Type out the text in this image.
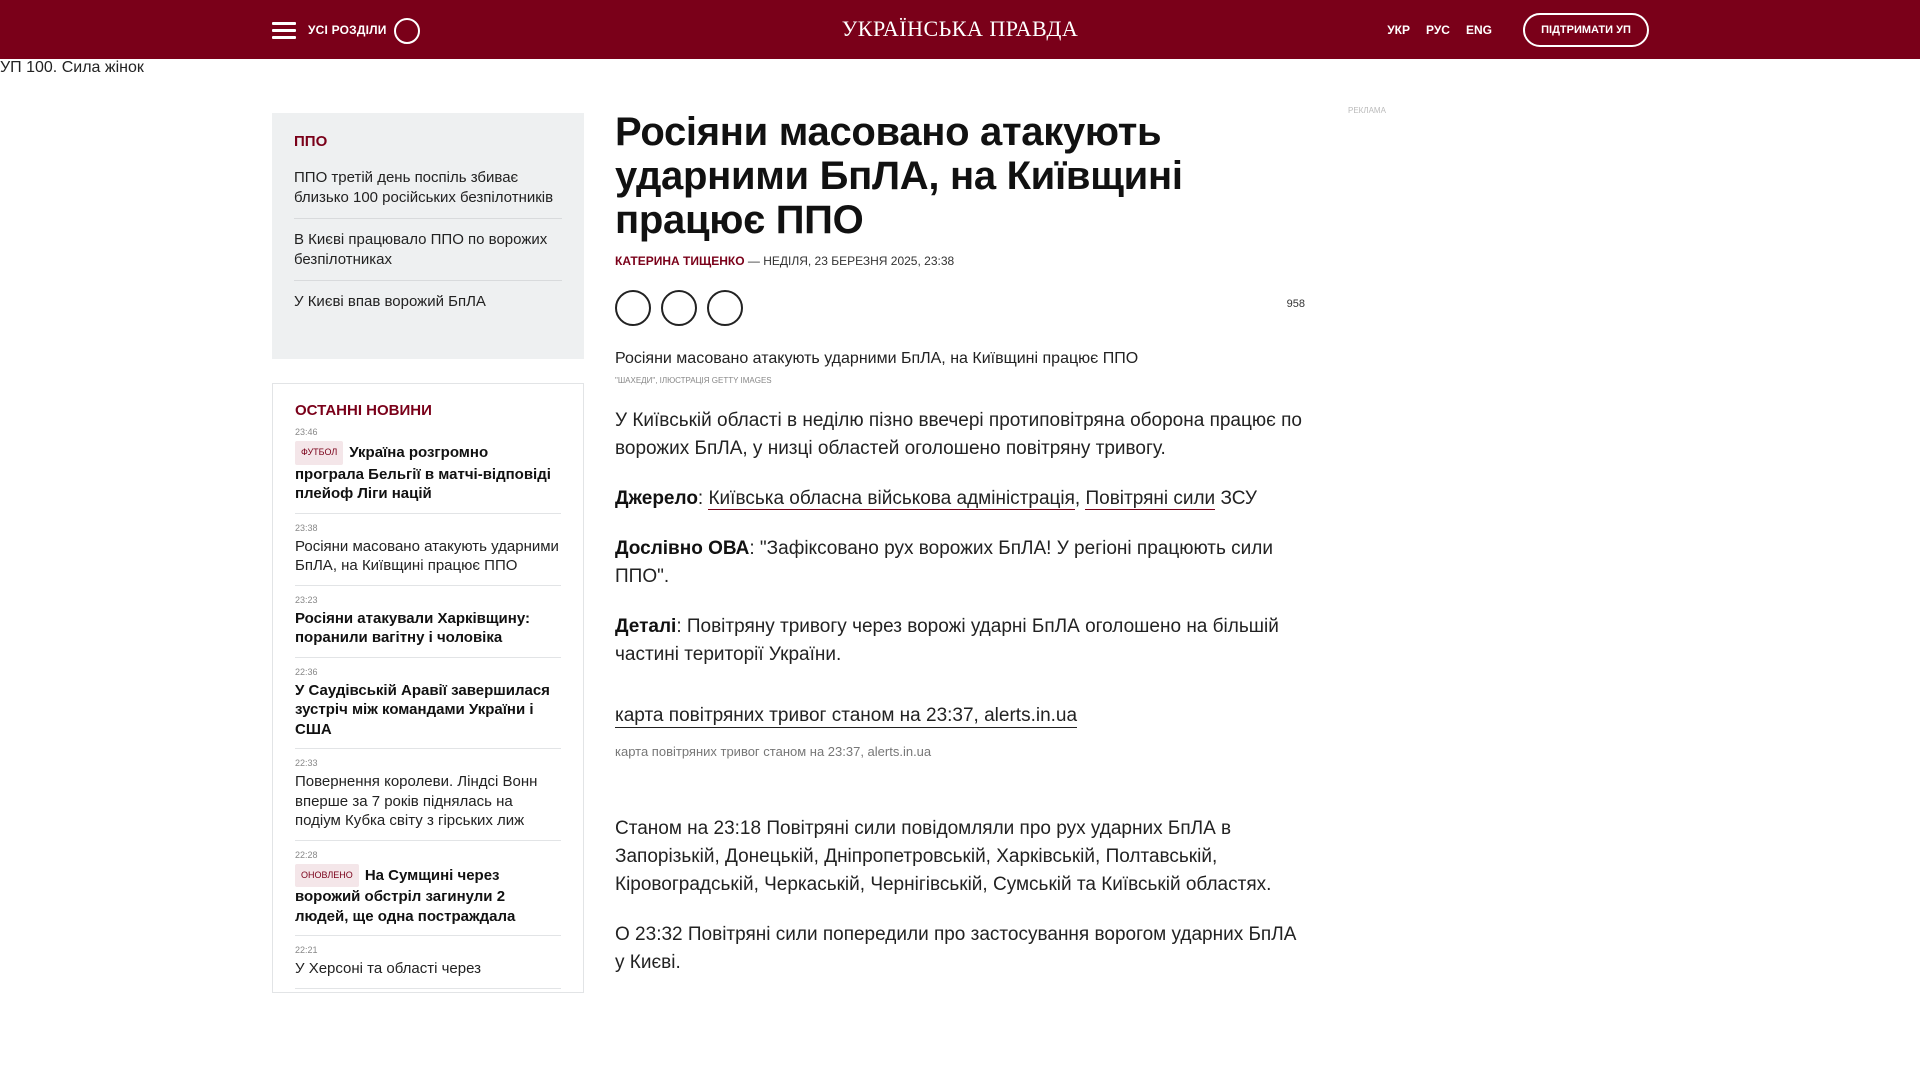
УСІ РОЗДІЛИ	УКРАЇНСЬКА ПРАВДА	УКР РУС ENG	ПІДТРИМАТИ УП
УП 100. Сила жінок
ППО
ППО третій день поспіль збиває близько 100 російських безпілотників
В Києві працювало ППО по ворожих безпілотниках
У Києві впав ворожий БпЛА
ОСТАННІ НОВИНИ
23:46
ФУТБОЛ Україна розгромно програла Бельгії в матчі-відповіді плейоф Ліги націй
23:38
Росіяни масовано атакують ударними БпЛА, на Київщині працює ППО
23:23
Росіяни атакували Харківщину: поранили вагітну і чоловіка
22:36
У Саудівській Аравії завершилася зустріч між командами України і США
22:33
Повернення королеви. Ліндсі Вонн вперше за 7 років піднялась на подіум Кубка світу з гірських лиж
22:28
ОНОВЛЕНО На Сумщині через ворожий обстріл загинули 2 людей, ще одна постраждала
22:21
У Херсоні та області через
Росіяни масовано атакують ударними БпЛА, на Київщині працює ППО
КАТЕРИНА ТИЩЕНКО — НЕДІЛЯ, 23 БЕРЕЗНЯ 2025, 23:38
958
Росіяни масовано атакують ударними БпЛА, на Київщині працює ППО
"ШАХЕДИ", ІЛЮСТРАЦІЯ GETTY IMAGES

У Київській області в неділю пізно ввечері протиповітряна оборона працює по ворожих БпЛА, у низці областей оголошено повітряну тривогу.

Джерело: Київська обласна військова адміністрація, Повітряні сили ЗСУ

Дослівно ОВА: "Зафіксовано рух ворожих БпЛА! У регіоні працюють сили ППО".

Деталі: Повітряну тривогу через ворожі ударні БпЛА оголошено на більшій частині території України.

карта повітряних тривог станом на 23:37, alerts.in.ua
карта повітряних тривог станом на 23:37, alerts.in.ua

Станом на 23:18 Повітряні сили повідомляли про рух ударних БпЛА в Запорізькій, Донецькій, Дніпропетровській, Харківській, Полтавській, Кіровоградській, Черкаській, Чернігівській, Сумській та Київській областях.

О 23:32 Повітряні сили попередили про застосування ворогом ударних БпЛА у Києві.

РЕКЛАМА
